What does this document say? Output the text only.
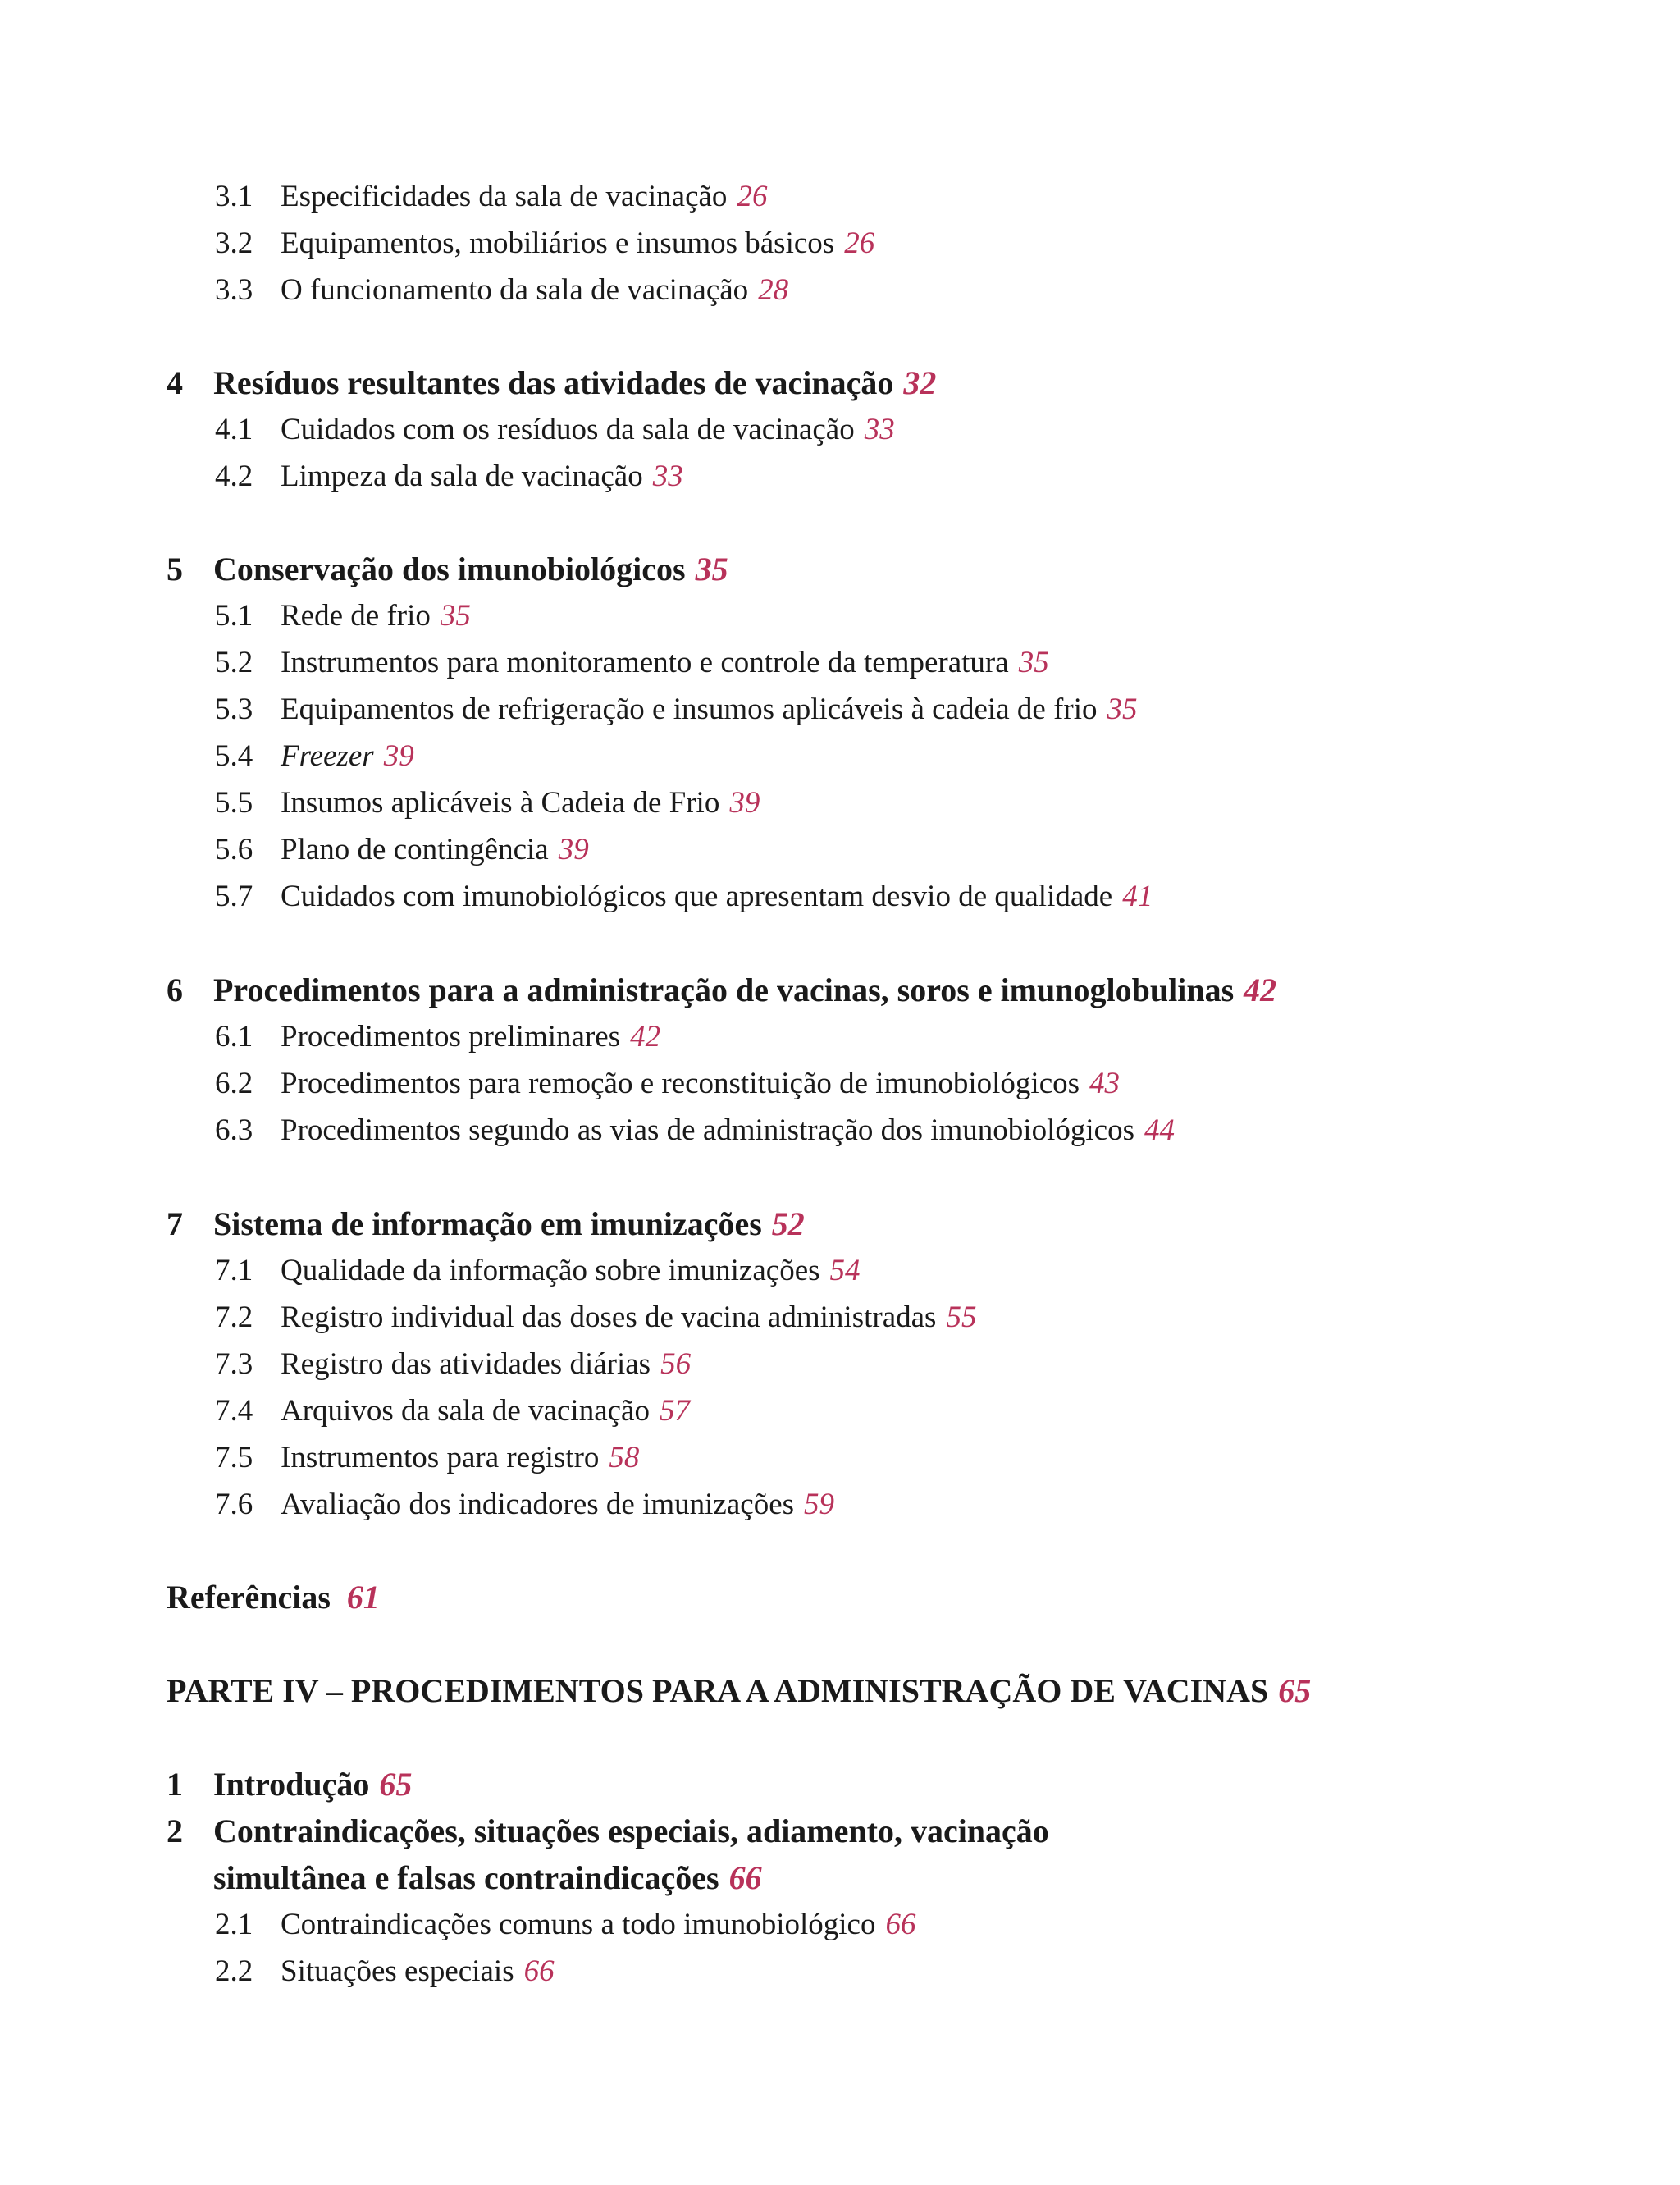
3.1 Especificidades da sala de vacinação 26
3.2 Equipamentos, mobiliários e insumos básicos 26
3.3 O funcionamento da sala de vacinação 28
4 Resíduos resultantes das atividades de vacinação 32
4.1 Cuidados com os resíduos da sala de vacinação 33
4.2 Limpeza da sala de vacinação 33
5 Conservação dos imunobiológicos 35
5.1 Rede de frio 35
5.2 Instrumentos para monitoramento e controle da temperatura 35
5.3 Equipamentos de refrigeração e insumos aplicáveis à cadeia de frio 35
5.4 Freezer 39
5.5 Insumos aplicáveis à Cadeia de Frio 39
5.6 Plano de contingência 39
5.7 Cuidados com imunobiológicos que apresentam desvio de qualidade 41
6 Procedimentos para a administração de vacinas, soros e imunoglobulinas 42
6.1 Procedimentos preliminares 42
6.2 Procedimentos para remoção e reconstituição de imunobiológicos 43
6.3 Procedimentos segundo as vias de administração dos imunobiológicos 44
7 Sistema de informação em imunizações 52
7.1 Qualidade da informação sobre imunizações 54
7.2 Registro individual das doses de vacina administradas 55
7.3 Registro das atividades diárias 56
7.4 Arquivos da sala de vacinação 57
7.5 Instrumentos para registro 58
7.6 Avaliação dos indicadores de imunizações 59
Referências 61
PARTE IV – PROCEDIMENTOS PARA A ADMINISTRAÇÃO DE VACINAS 65
1 Introdução 65
2 Contraindicações, situações especiais, adiamento, vacinação
simultânea e falsas contraindicações 66
2.1 Contraindicações comuns a todo imunobiológico 66
2.2 Situações especiais 66
